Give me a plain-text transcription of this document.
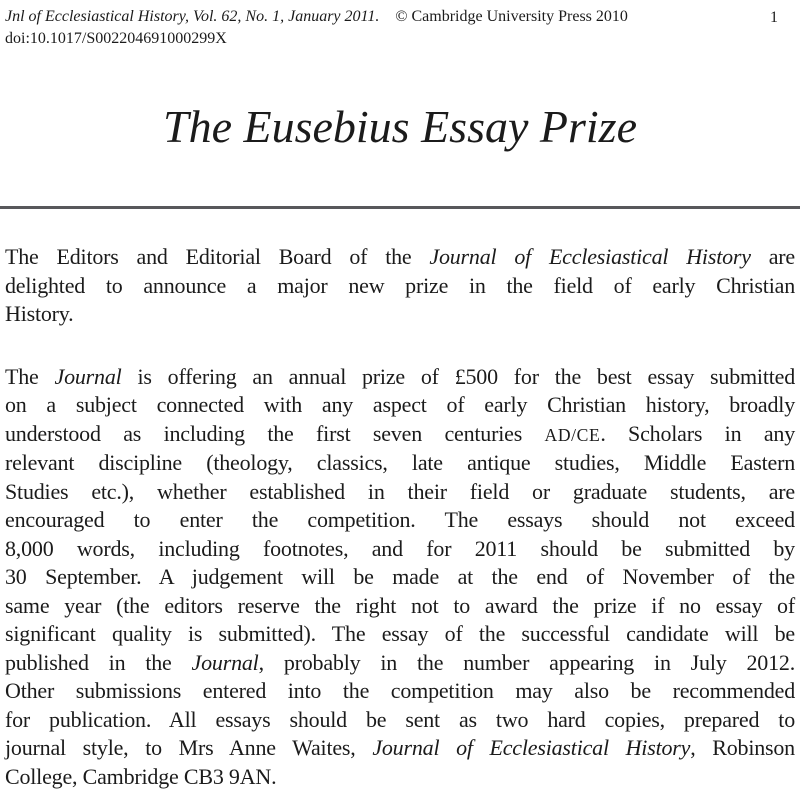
Jnl of Ecclesiastical History, Vol. 62, No. 1, January 2011. © Cambridge University Press 2010
doi:10.1017/S002204691000299X
1
The Eusebius Essay Prize
The Editors and Editorial Board of the Journal of Ecclesiastical History are
delighted to announce a major new prize in the field of early Christian
History.
The Journal is offering an annual prize of £500 for the best essay submitted
on a subject connected with any aspect of early Christian history, broadly
understood as including the first seven centuries AD/CE. Scholars in any
relevant discipline (theology, classics, late antique studies, Middle Eastern
Studies etc.), whether established in their field or graduate students, are
encouraged to enter the competition. The essays should not exceed
8,000 words, including footnotes, and for 2011 should be submitted by
30 September. A judgement will be made at the end of November of the
same year (the editors reserve the right not to award the prize if no essay of
significant quality is submitted). The essay of the successful candidate will be
published in the Journal, probably in the number appearing in July 2012.
Other submissions entered into the competition may also be recommended
for publication. All essays should be sent as two hard copies, prepared to
journal style, to Mrs Anne Waites, Journal of Ecclesiastical History, Robinson
College, Cambridge CB3 9AN.
